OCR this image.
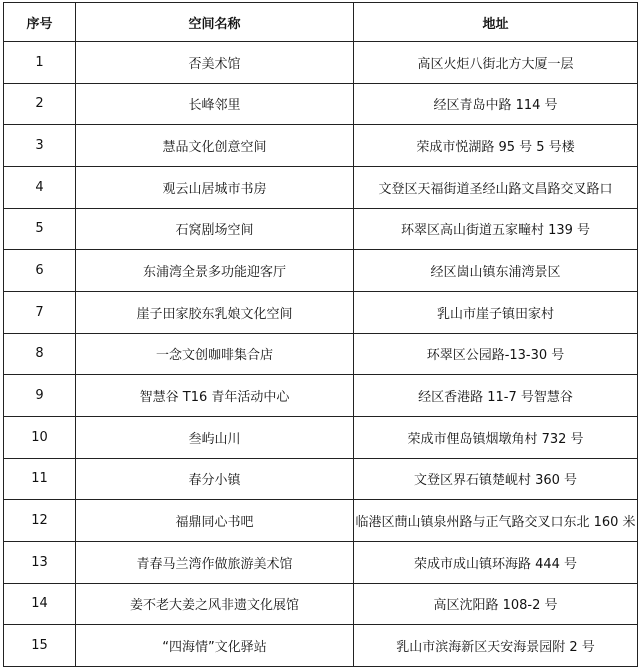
序号	空间名称	地址
1	否美术馆	高区火炬八街北方大厦一层
2	长峰邻里	经区青岛中路 114 号
3	慧品文化创意空间	荣成市悦湖路 95 号 5 号楼
4	观云山居城市书房	文登区天福街道圣经山路文昌路交叉路口
5	石窝剧场空间	环翠区高山街道五家疃村 139 号
6	东浦湾全景多功能迎客厅	经区崮山镇东浦湾景区
7	崖子田家胶东乳娘文化空间	乳山市崖子镇田家村
8	一念文创咖啡集合店	环翠区公园路-13-30 号
9	智慧谷 T16 青年活动中心	经区香港路 11-7 号智慧谷
10	叁屿山川	荣成市俚岛镇烟墩角村 732 号
11	春分小镇	文登区界石镇楚岘村 360 号
12	福鼎同心书吧	临港区蔄山镇泉州路与正气路交叉口东北 160 米
13	青春马兰湾作做旅游美术馆	荣成市成山镇环海路 444 号
14	姜不老大姜之风非遗文化展馆	高区沈阳路 108-2 号
15	“四海情”文化驿站	乳山市滨海新区天安海景园附 2 号
